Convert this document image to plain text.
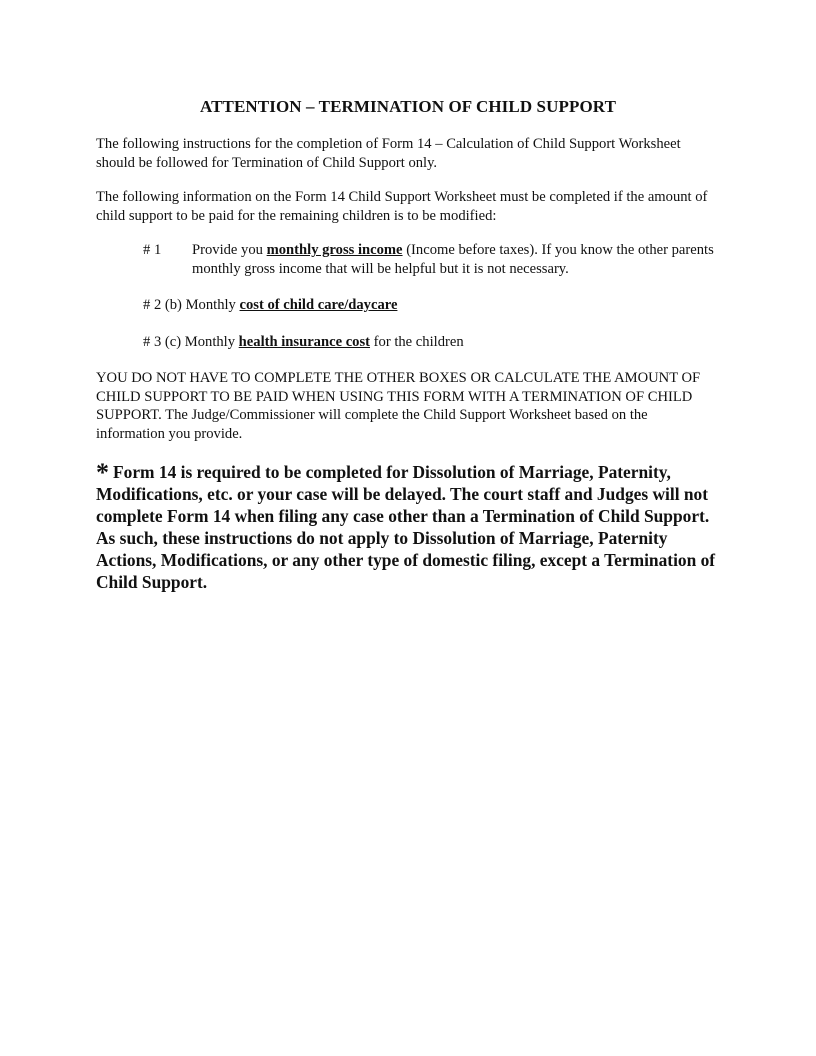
ATTENTION – TERMINATION OF CHILD SUPPORT

The following instructions for the completion of Form 14 – Calculation of Child Support Worksheet should be followed for Termination of Child Support only.

The following information on the Form 14 Child Support Worksheet must be completed if the amount of child support to be paid for the remaining children is to be modified:

# 1 Provide you monthly gross income (Income before taxes). If you know the other parents monthly gross income that will be helpful but it is not necessary.
# 2 (b) Monthly cost of child care/daycare
# 3 (c) Monthly health insurance cost for the children

YOU DO NOT HAVE TO COMPLETE THE OTHER BOXES OR CALCULATE THE AMOUNT OF CHILD SUPPORT TO BE PAID WHEN USING THIS FORM WITH A TERMINATION OF CHILD SUPPORT. The Judge/Commissioner will complete the Child Support Worksheet based on the information you provide.

* Form 14 is required to be completed for Dissolution of Marriage, Paternity, Modifications, etc. or your case will be delayed. The court staff and Judges will not complete Form 14 when filing any case other than a Termination of Child Support. As such, these instructions do not apply to Dissolution of Marriage, Paternity Actions, Modifications, or any other type of domestic filing, except a Termination of Child Support.
